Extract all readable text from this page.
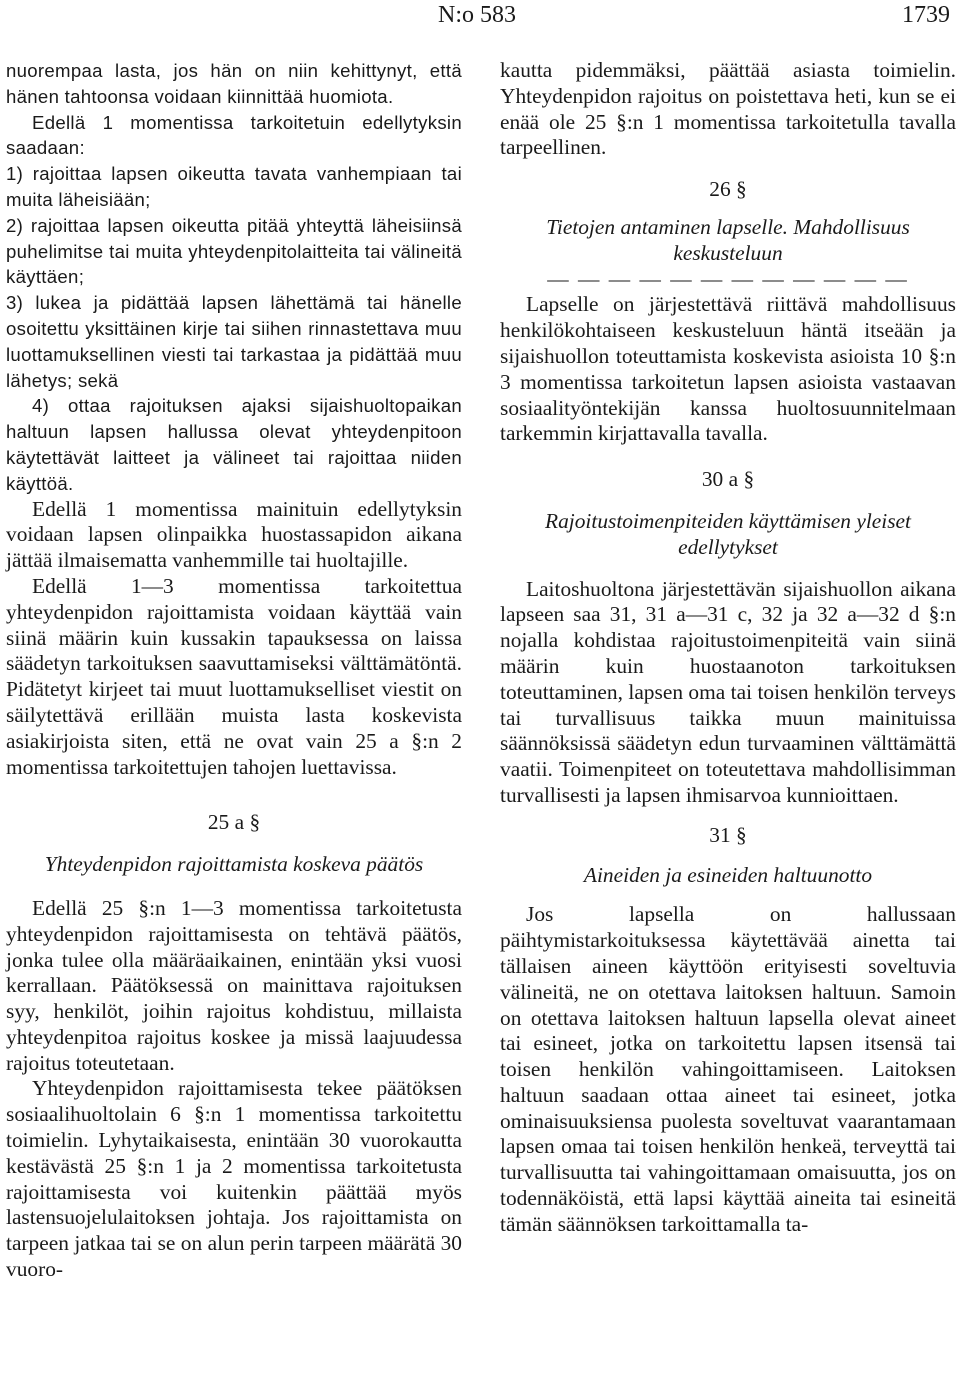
N:o 583	1739

nuorempaa lasta, jos hän on niin kehittynyt, että hänen tahtoonsa voidaan kiinnittää huomiota.

Edellä 1 momentissa tarkoitetuin edellytyksin saadaan:

1) rajoittaa lapsen oikeutta tavata vanhempiaan tai muita läheisiään;

2) rajoittaa lapsen oikeutta pitää yhteyttä läheisiinsä puhelimitse tai muita yhteydenpitolaitteita tai välineitä käyttäen;

3) lukea ja pidättää lapsen lähettämä tai hänelle osoitettu yksittäinen kirje tai siihen rinnastettava muu luottamuksellinen viesti tai tarkastaa ja pidättää muu lähetys; sekä

4) ottaa rajoituksen ajaksi sijaishuoltopaikan haltuun lapsen hallussa olevat yhteydenpitoon käytettävät laitteet ja välineet tai rajoittaa niiden käyttöä.

Edellä 1 momentissa mainituin edellytyksin voidaan lapsen olinpaikka huostassapidon aikana jättää ilmaisematta vanhemmille tai huoltajille.

Edellä 1—3 momentissa tarkoitettua yhteydenpidon rajoittamista voidaan käyttää vain siinä määrin kuin kussakin tapauksessa on laissa säädetyn tarkoituksen saavuttamiseksi välttämätöntä. Pidätetyt kirjeet tai muut luottamukselliset viestit on säilytettävä erillään muista lasta koskevista asiakirjoista siten, että ne ovat vain 25 a §:n 2 momentissa tarkoitettujen tahojen luettavissa.

25 a §

Yhteydenpidon rajoittamista koskeva päätös

Edellä 25 §:n 1—3 momentissa tarkoitetusta yhteydenpidon rajoittamisesta on tehtävä päätös, jonka tulee olla määräaikainen, enintään yksi vuosi kerrallaan. Päätöksessä on mainittava rajoituksen syy, henkilöt, joihin rajoitus kohdistuu, millaista yhteydenpitoa rajoitus koskee ja missä laajuudessa rajoitus toteutetaan.

Yhteydenpidon rajoittamisesta tekee päätöksen sosiaalihuoltolain 6 §:n 1 momentissa tarkoitettu toimielin. Lyhytaikaisesta, enintään 30 vuorokautta kestävästä 25 §:n 1 ja 2 momentissa tarkoitetusta rajoittamisesta voi kuitenkin päättää myös lastensuojelulaitoksen johtaja. Jos rajoittamista on tarpeen jatkaa tai se on alun perin tarpeen määrätä 30 vuoro-

kautta pidemmäksi, päättää asiasta toimielin. Yhteydenpidon rajoitus on poistettava heti, kun se ei enää ole 25 §:n 1 momentissa tarkoitetulla tavalla tarpeellinen.

26 §

Tietojen antaminen lapselle. Mahdollisuus keskusteluun

— — — — — — — — — — — —

Lapselle on järjestettävä riittävä mahdollisuus henkilökohtaiseen keskusteluun häntä itseään ja sijaishuollon toteuttamista koskevista asioista 10 §:n 3 momentissa tarkoitetun lapsen asioista vastaavan sosiaalityöntekijän kanssa huoltosuunnitelmaan tarkemmin kirjattavalla tavalla.

30 a §

Rajoitustoimenpiteiden käyttämisen yleiset edellytykset

Laitoshuoltona järjestettävän sijaishuollon aikana lapseen saa 31, 31 a—31 c, 32 ja 32 a—32 d §:n nojalla kohdistaa rajoitustoimenpiteitä vain siinä määrin kuin huostaanoton tarkoituksen toteuttaminen, lapsen oma tai toisen henkilön terveys tai turvallisuus taikka muun mainituissa säännöksissä säädetyn edun turvaaminen välttämättä vaatii. Toimenpiteet on toteutettava mahdollisimman turvallisesti ja lapsen ihmisarvoa kunnioittaen.

31 §

Aineiden ja esineiden haltuunotto

Jos lapsella on hallussaan päihtymistarkoituksessa käytettävää ainetta tai tällaisen aineen käyttöön erityisesti soveltuvia välineitä, ne on otettava laitoksen haltuun. Samoin on otettava laitoksen haltuun lapsella olevat aineet tai esineet, jotka on tarkoitettu lapsen itsensä tai toisen henkilön vahingoittamiseen. Laitoksen haltuun saadaan ottaa aineet tai esineet, jotka ominaisuuksiensa puolesta soveltuvat vaarantamaan lapsen omaa tai toisen henkilön henkeä, terveyttä tai turvallisuutta tai vahingoittamaan omaisuutta, jos on todennäköistä, että lapsi käyttää aineita tai esineitä tämän säännöksen tarkoittamalla ta-
